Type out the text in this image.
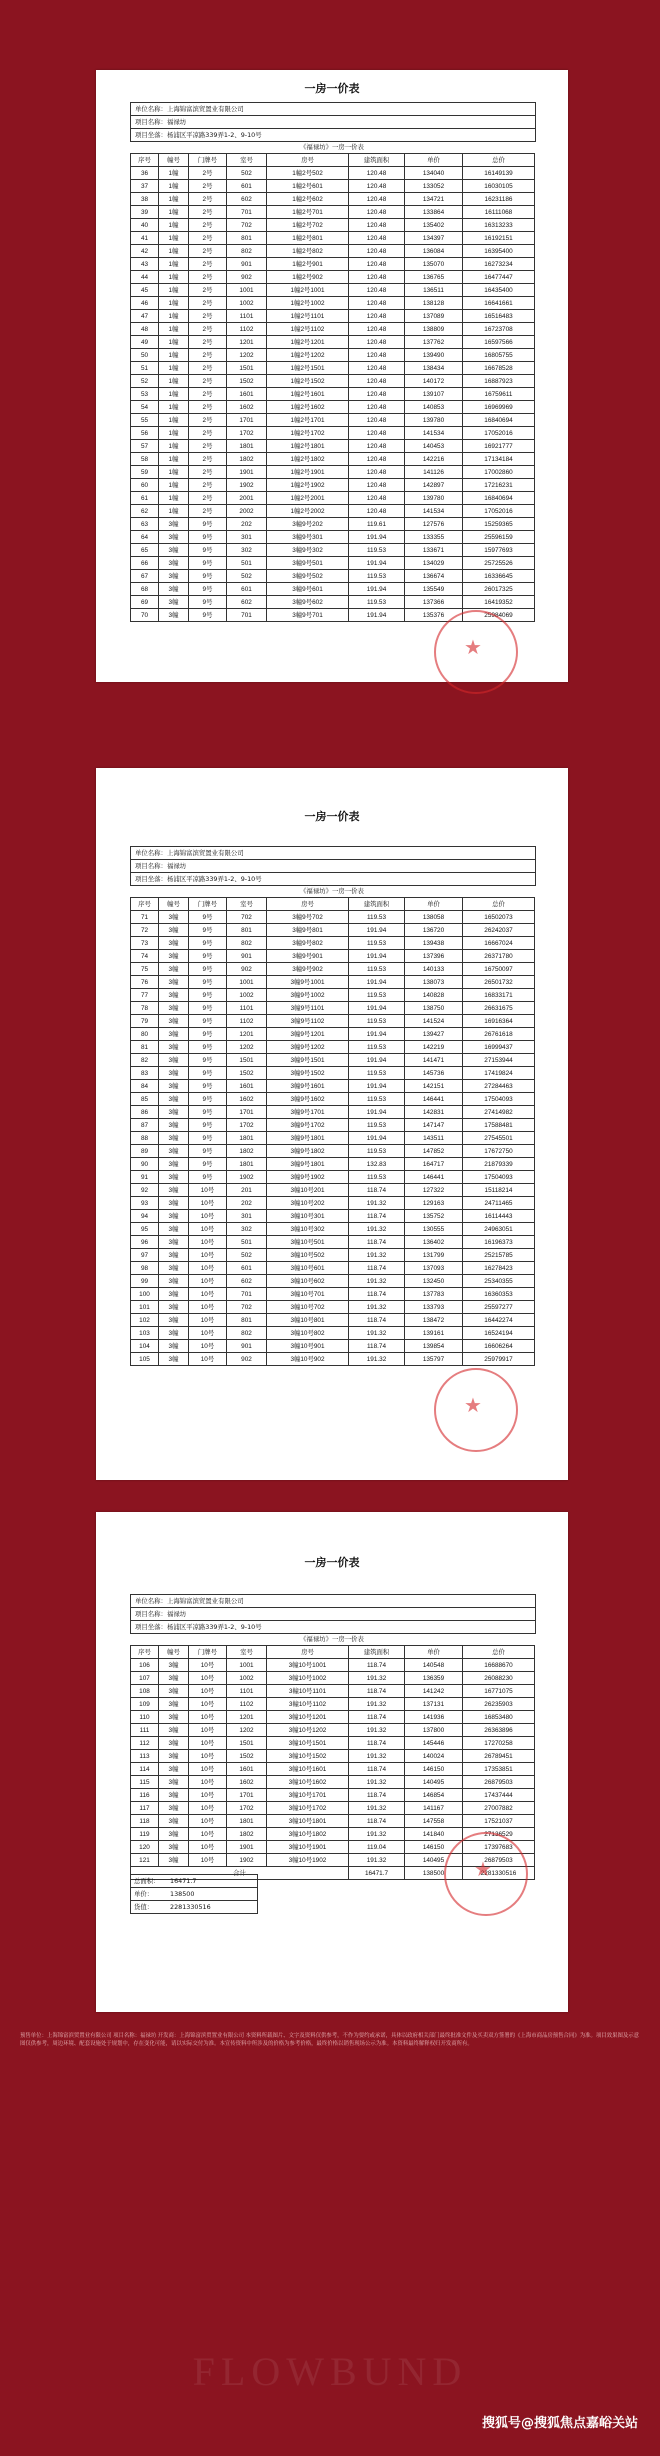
一房一价表
单位名称：上海锦富滨贸置业有限公司
项目名称：福禄坊
项目坐落：杨浦区平凉路339弄1-2、9-10号
《福禄坊》一房一价表
序号	幢号	门牌号	室号	房号	建筑面积	单价	总价
36	1幢	2号	502	1幢2号502	120.48	134040	16149139
37	1幢	2号	601	1幢2号601	120.48	133052	16030105
38	1幢	2号	602	1幢2号602	120.48	134721	16231186
39	1幢	2号	701	1幢2号701	120.48	133864	16111068
40	1幢	2号	702	1幢2号702	120.48	135402	16313233
41	1幢	2号	801	1幢2号801	120.48	134397	16192151
42	1幢	2号	802	1幢2号802	120.48	136084	16395400
43	1幢	2号	901	1幢2号901	120.48	135070	16273234
44	1幢	2号	902	1幢2号902	120.48	136765	16477447
45	1幢	2号	1001	1幢2号1001	120.48	136511	16435400
46	1幢	2号	1002	1幢2号1002	120.48	138128	16641661
47	1幢	2号	1101	1幢2号1101	120.48	137089	16516483
48	1幢	2号	1102	1幢2号1102	120.48	138809	16723708
49	1幢	2号	1201	1幢2号1201	120.48	137762	16597566
50	1幢	2号	1202	1幢2号1202	120.48	139490	16805755
51	1幢	2号	1501	1幢2号1501	120.48	138434	16678528
52	1幢	2号	1502	1幢2号1502	120.48	140172	16887923
53	1幢	2号	1601	1幢2号1601	120.48	139107	16759611
54	1幢	2号	1602	1幢2号1602	120.48	140853	16969969
55	1幢	2号	1701	1幢2号1701	120.48	139780	16840694
56	1幢	2号	1702	1幢2号1702	120.48	141534	17052016
57	1幢	2号	1801	1幢2号1801	120.48	140453	16921777
58	1幢	2号	1802	1幢2号1802	120.48	142216	17134184
59	1幢	2号	1901	1幢2号1901	120.48	141126	17002860
60	1幢	2号	1902	1幢2号1902	120.48	142897	17216231
61	1幢	2号	2001	1幢2号2001	120.48	139780	16840694
62	1幢	2号	2002	1幢2号2002	120.48	141534	17052016
63	3幢	9号	202	3幢9号202	119.61	127576	15259365
64	3幢	9号	301	3幢9号301	191.94	133355	25596159
65	3幢	9号	302	3幢9号302	119.53	133671	15977693
66	3幢	9号	501	3幢9号501	191.94	134029	25725526
67	3幢	9号	502	3幢9号502	119.53	136674	16336645
68	3幢	9号	601	3幢9号601	191.94	135549	26017325
69	3幢	9号	602	3幢9号602	119.53	137366	16419352
70	3幢	9号	701	3幢9号701	191.94	135376	25984069
★
一房一价表
单位名称：上海锦富滨贸置业有限公司
项目名称：福禄坊
项目坐落：杨浦区平凉路339弄1-2、9-10号
《福禄坊》一房一价表
序号	幢号	门牌号	室号	房号	建筑面积	单价	总价
71	3幢	9号	702	3幢9号702	119.53	138058	16502073
72	3幢	9号	801	3幢9号801	191.94	136720	26242037
73	3幢	9号	802	3幢9号802	119.53	139438	16667024
74	3幢	9号	901	3幢9号901	191.94	137396	26371780
75	3幢	9号	902	3幢9号902	119.53	140133	16750097
76	3幢	9号	1001	3幢9号1001	191.94	138073	26501732
77	3幢	9号	1002	3幢9号1002	119.53	140828	16833171
78	3幢	9号	1101	3幢9号1101	191.94	138750	26631675
79	3幢	9号	1102	3幢9号1102	119.53	141524	16916364
80	3幢	9号	1201	3幢9号1201	191.94	139427	26761618
81	3幢	9号	1202	3幢9号1202	119.53	142219	16999437
82	3幢	9号	1501	3幢9号1501	191.94	141471	27153944
83	3幢	9号	1502	3幢9号1502	119.53	145736	17419824
84	3幢	9号	1601	3幢9号1601	191.94	142151	27284463
85	3幢	9号	1602	3幢9号1602	119.53	146441	17504093
86	3幢	9号	1701	3幢9号1701	191.94	142831	27414982
87	3幢	9号	1702	3幢9号1702	119.53	147147	17588481
88	3幢	9号	1801	3幢9号1801	191.94	143511	27545501
89	3幢	9号	1802	3幢9号1802	119.53	147852	17672750
90	3幢	9号	1801	3幢9号1801	132.83	164717	21879339
91	3幢	9号	1902	3幢9号1902	119.53	146441	17504093
92	3幢	10号	201	3幢10号201	118.74	127322	15118214
93	3幢	10号	202	3幢10号202	191.32	129163	24711465
94	3幢	10号	301	3幢10号301	118.74	135752	16114443
95	3幢	10号	302	3幢10号302	191.32	130555	24963051
96	3幢	10号	501	3幢10号501	118.74	136402	16196373
97	3幢	10号	502	3幢10号502	191.32	131799	25215785
98	3幢	10号	601	3幢10号601	118.74	137093	16278423
99	3幢	10号	602	3幢10号602	191.32	132450	25340355
100	3幢	10号	701	3幢10号701	118.74	137783	16360353
101	3幢	10号	702	3幢10号702	191.32	133793	25597277
102	3幢	10号	801	3幢10号801	118.74	138472	16442274
103	3幢	10号	802	3幢10号802	191.32	139161	16524194
104	3幢	10号	901	3幢10号901	118.74	139854	16606264
105	3幢	10号	902	3幢10号902	191.32	135797	25979917
★
一房一价表
单位名称：上海锦富滨贸置业有限公司
项目名称：福禄坊
项目坐落：杨浦区平凉路339弄1-2、9-10号
《福禄坊》一房一价表
序号	幢号	门牌号	室号	房号	建筑面积	单价	总价
106	3幢	10号	1001	3幢10号1001	118.74	140548	16688670
107	3幢	10号	1002	3幢10号1002	191.32	136359	26088230
108	3幢	10号	1101	3幢10号1101	118.74	141242	16771075
109	3幢	10号	1102	3幢10号1102	191.32	137131	26235903
110	3幢	10号	1201	3幢10号1201	118.74	141936	16853480
111	3幢	10号	1202	3幢10号1202	191.32	137800	26363896
112	3幢	10号	1501	3幢10号1501	118.74	145446	17270258
113	3幢	10号	1502	3幢10号1502	191.32	140024	26789451
114	3幢	10号	1601	3幢10号1601	118.74	146150	17353851
115	3幢	10号	1602	3幢10号1602	191.32	140495	26879503
116	3幢	10号	1701	3幢10号1701	118.74	146854	17437444
117	3幢	10号	1702	3幢10号1702	191.32	141167	27007882
118	3幢	10号	1801	3幢10号1801	118.74	147558	17521037
119	3幢	10号	1802	3幢10号1802	191.32	141840	27136529
120	3幢	10号	1901	3幢10号1901	119.04	146150	17397683
121	3幢	10号	1902	3幢10号1902	191.32	140495	26879503
合计					16471.7	138500	2281330516
总面积：	16471.7
单价：	138500
货值：	2281330516
★
预售单位：上海锦富滨贸置业有限公司 项目名称：福禄坊 开发商：上海锦富滨贸置业有限公司 本资料所载图片、文字及资料仅供参考，不作为要约或承诺，具体以政府相关部门最终批准文件及买卖双方签署的《上海市商品房预售合同》为准。项目效果图及示意图仅供参考，周边环境、配套设施处于规划中，存在变化可能，请以实际交付为准。本宣传资料中所涉及的价格为参考价格，最终价格以销售现场公示为准。本资料最终解释权归开发商所有。
FLOWBUND
搜狐号@搜狐焦点嘉峪关站
